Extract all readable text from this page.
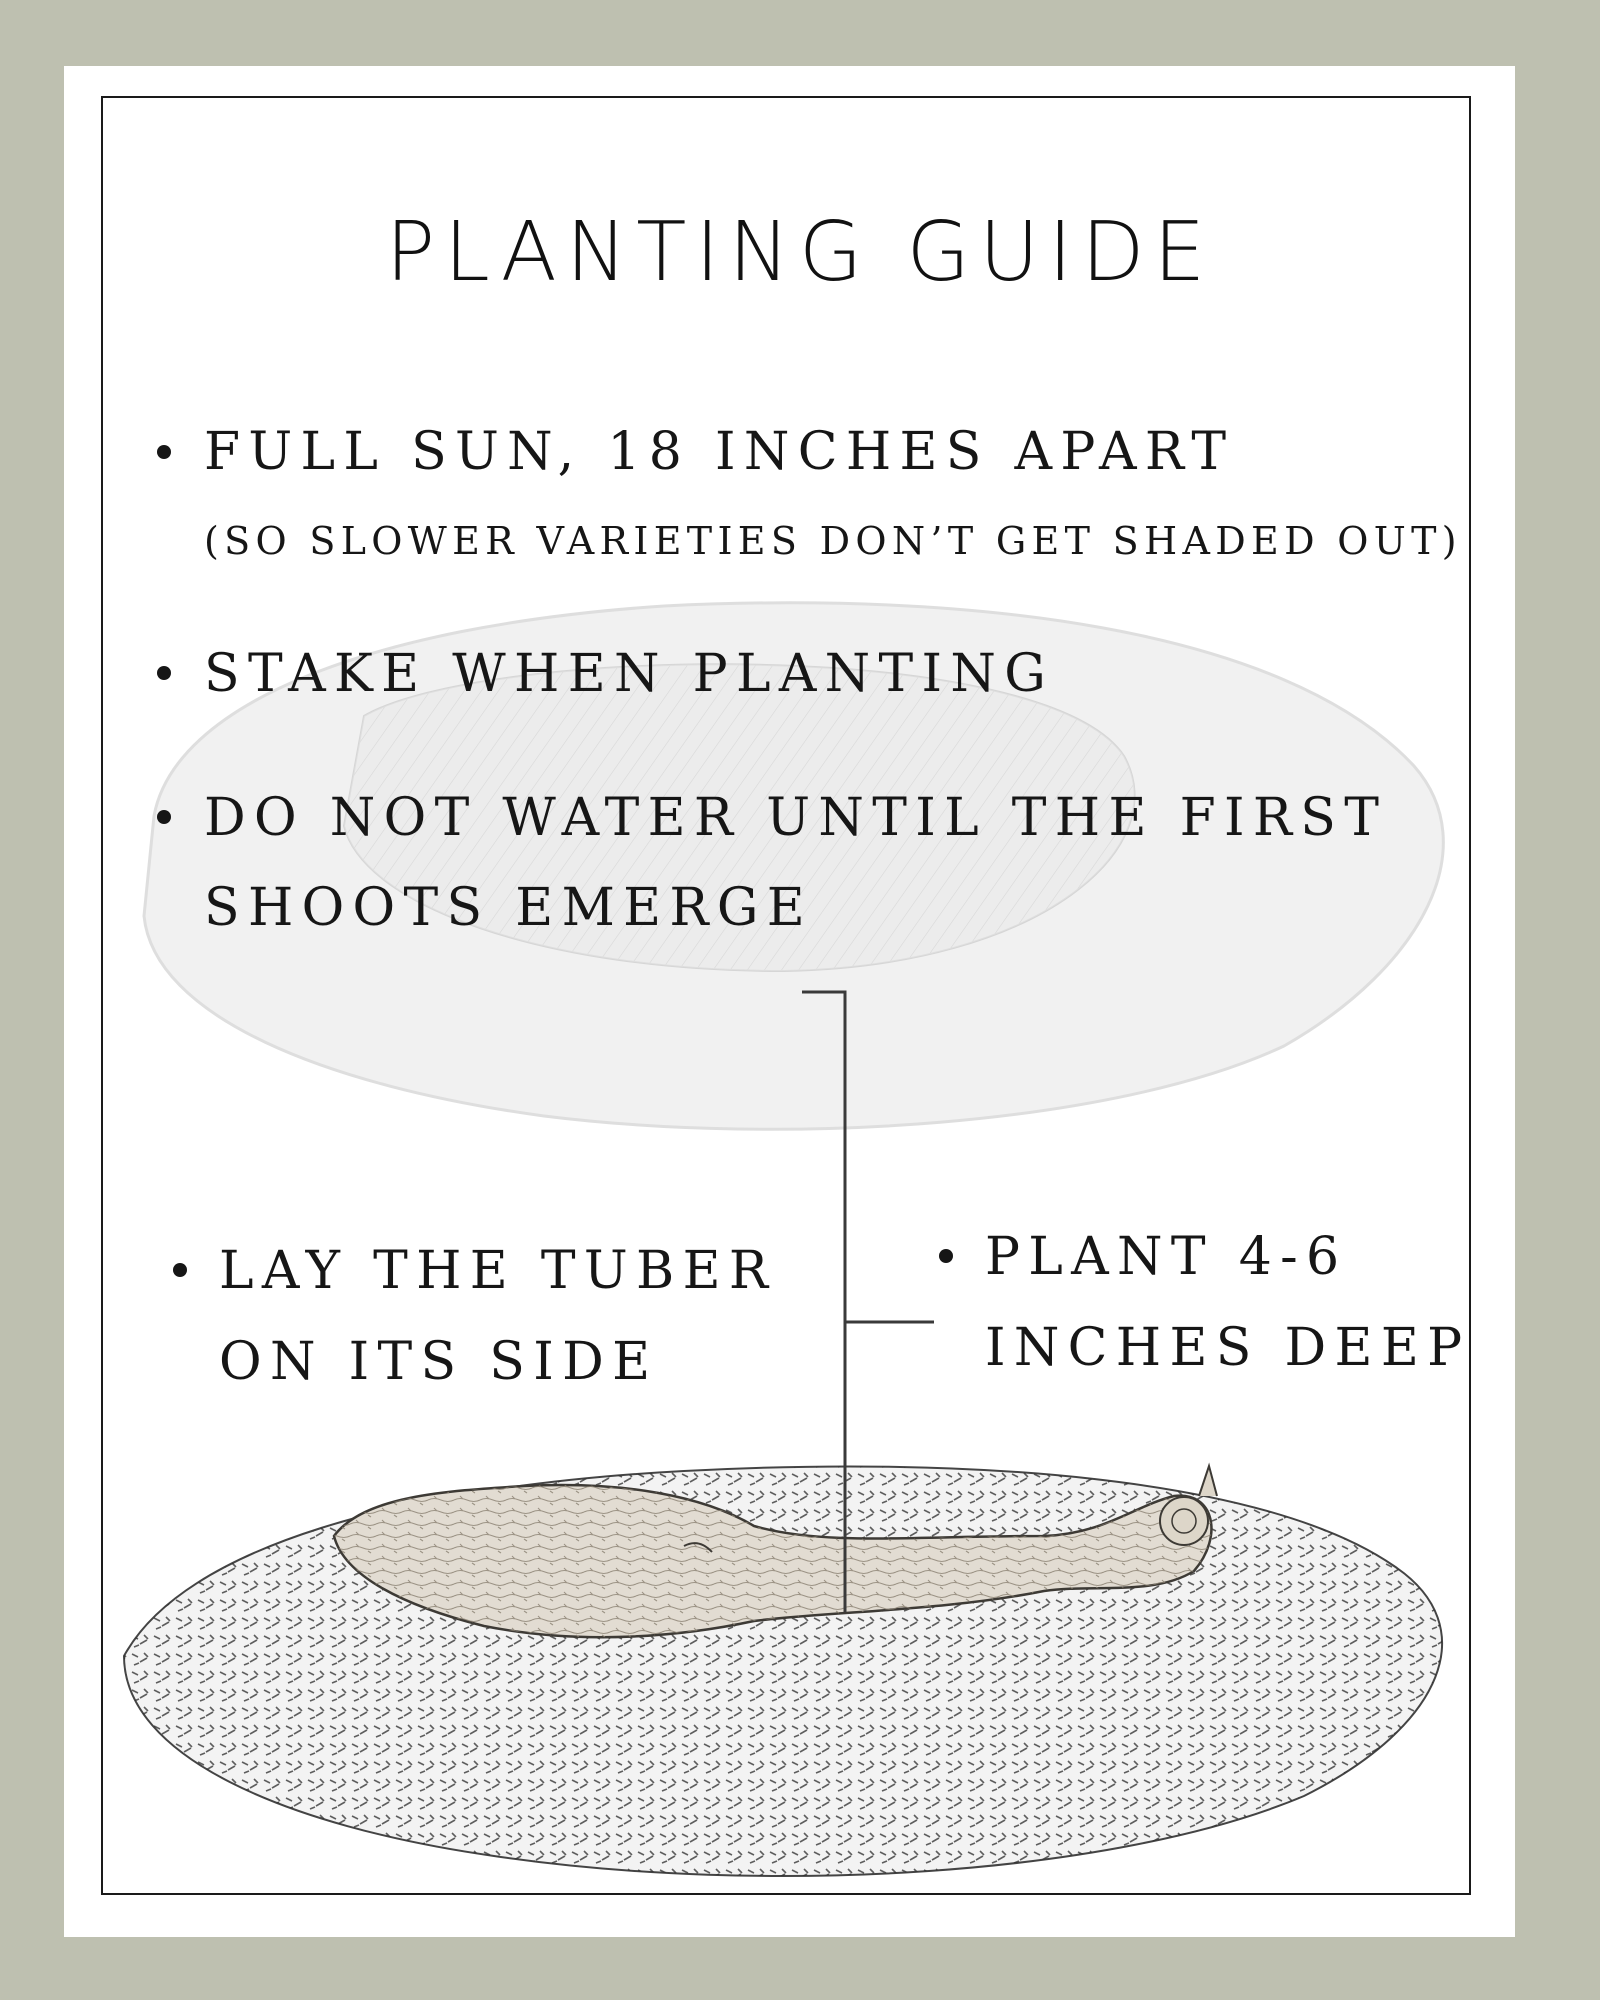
PLANTING GUIDE
FULL SUN, 18 INCHES APART
(SO SLOWER VARIETIES DON’T GET SHADED OUT)
STAKE WHEN PLANTING
DO NOT WATER UNTIL THE FIRST
SHOOTS EMERGE
LAY THE TUBER
ON ITS SIDE
PLANT 4-6
INCHES DEEP
